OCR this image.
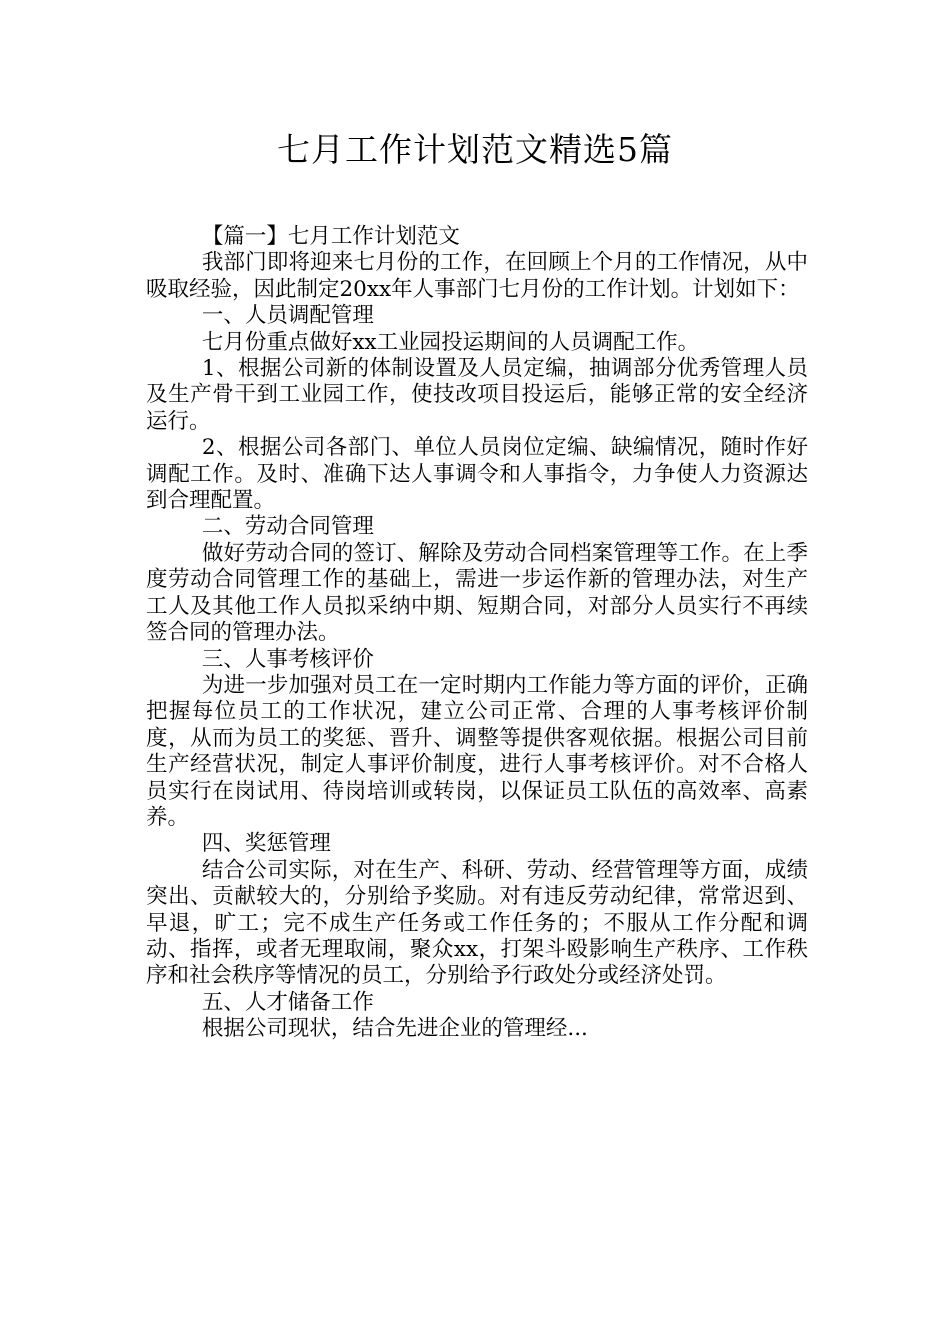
七月工作计划范文精选5篇

【篇一】七月工作计划范文

我部门即将迎来七月份的工作，在回顾上个月的工作情况，从中吸取经验，因此制定20xx年人事部门七月份的工作计划。计划如下：

一、人员调配管理

七月份重点做好xx工业园投运期间的人员调配工作。

1、根据公司新的体制设置及人员定编，抽调部分优秀管理人员及生产骨干到工业园工作，使技改项目投运后，能够正常的安全经济运行。

2、根据公司各部门、单位人员岗位定编、缺编情况，随时作好调配工作。及时、准确下达人事调令和人事指令，力争使人力资源达到合理配置。

二、劳动合同管理

做好劳动合同的签订、解除及劳动合同档案管理等工作。在上季度劳动合同管理工作的基础上，需进一步运作新的管理办法，对生产工人及其他工作人员拟采纳中期、短期合同，对部分人员实行不再续签合同的管理办法。

三、人事考核评价

为进一步加强对员工在一定时期内工作能力等方面的评价，正确把握每位员工的工作状况，建立公司正常、合理的人事考核评价制度，从而为员工的奖惩、晋升、调整等提供客观依据。根据公司目前生产经营状况，制定人事评价制度，进行人事考核评价。对不合格人员实行在岗试用、待岗培训或转岗，以保证员工队伍的高效率、高素养。

四、奖惩管理

结合公司实际，对在生产、科研、劳动、经营管理等方面，成绩突出、贡献较大的，分别给予奖励。对有违反劳动纪律，常常迟到、早退，旷工；完不成生产任务或工作任务的；不服从工作分配和调动、指挥，或者无理取闹，聚众xx，打架斗殴影响生产秩序、工作秩序和社会秩序等情况的员工，分别给予行政处分或经济处罚。

五、人才储备工作

根据公司现状，结合先进企业的管理经...
